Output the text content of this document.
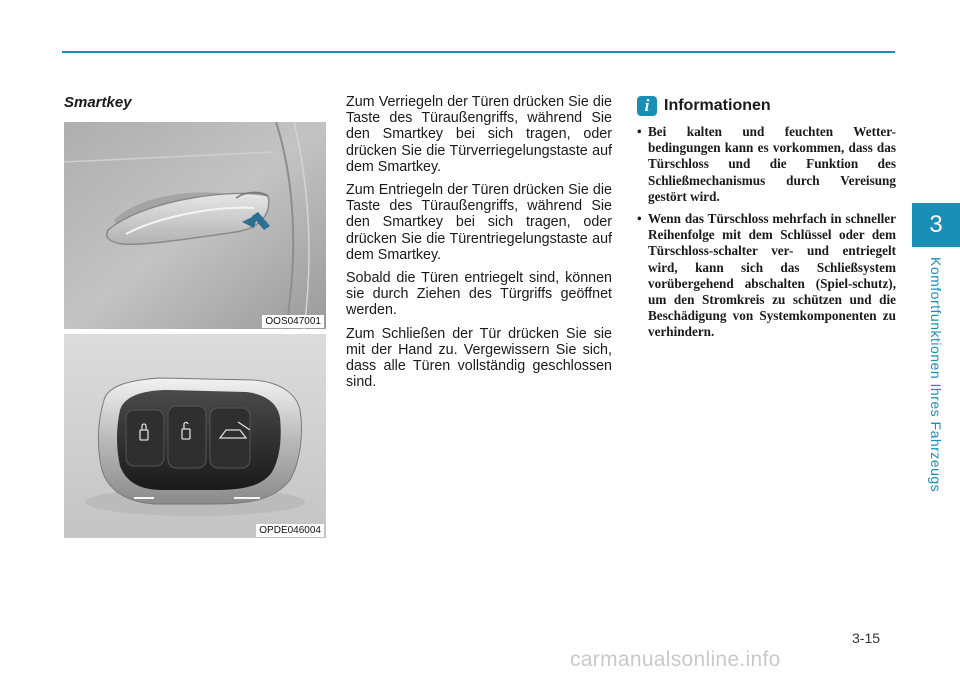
Smartkey
OOS047001
OPDE046004

Zum Verriegeln der Türen drücken Sie die Taste des Türaußengriffs, während Sie den Smartkey bei sich tragen, oder drücken Sie die Türverriegelungstaste auf dem Smartkey.

Zum Entriegeln der Türen drücken Sie die Taste des Türaußengriffs, während Sie den Smartkey bei sich tragen, oder drücken Sie die Türentriegelungstaste auf dem Smartkey.

Sobald die Türen entriegelt sind, können sie durch Ziehen des Türgriffs geöffnet werden.

Zum Schließen der Tür drücken Sie sie mit der Hand zu. Vergewissern Sie sich, dass alle Türen vollständig geschlossen sind.

i Informationen
• Bei kalten und feuchten Wetter-bedingungen kann es vorkommen, dass das Türschloss und die Funktion des Schließmechanismus durch Vereisung gestört wird.
• Wenn das Türschloss mehrfach in schneller Reihenfolge mit dem Schlüssel oder dem Türschloss-schalter ver- und entriegelt wird, kann sich das Schließsystem vorübergehend abschalten (Spiel-schutz), um den Stromkreis zu schützen und die Beschädigung von Systemkomponenten zu verhindern.
3
Komfortfunktionen Ihres Fahrzeugs
3-15
carmanualsonline.info
